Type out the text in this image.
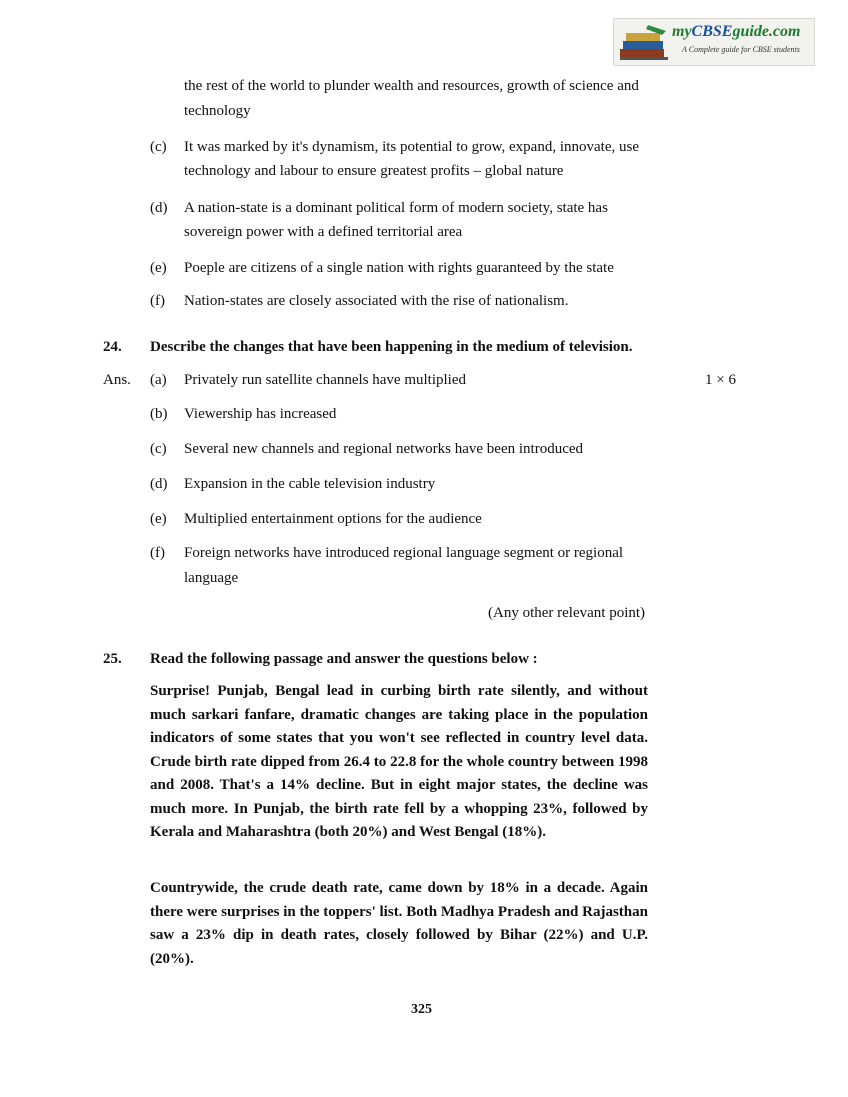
myCBSEguide.com
A Complete guide for CBSE students
the rest of the world to plunder wealth and resources, growth of science and
technology
(c) It was marked by it's dynamism, its potential to grow, expand, innovate, use
technology and labour to ensure greatest profits – global nature
(d) A nation-state is a dominant political form of modern society, state has
sovereign power with a defined territorial area
(e) Poeple are citizens of a single nation with rights guaranteed by the state
(f) Nation-states are closely associated with the rise of nationalism.
24. Describe the changes that have been happening in the medium of television.
Ans. (a) Privately run satellite channels have multiplied	1 × 6
(b) Viewership has increased
(c) Several new channels and regional networks have been introduced
(d) Expansion in the cable television industry
(e) Multiplied entertainment options for the audience
(f) Foreign networks have introduced regional language segment or regional
language
(Any other relevant point)
25. Read the following passage and answer the questions below :
Surprise! Punjab, Bengal lead in curbing birth rate silently, and without much sarkari fanfare, dramatic changes are taking place in the population indicators of some states that you won't see reflected in country level data. Crude birth rate dipped from 26.4 to 22.8 for the whole country between 1998 and 2008. That's a 14% decline. But in eight major states, the decline was much more. In Punjab, the birth rate fell by a whopping 23%, followed by Kerala and Maharashtra (both 20%) and West Bengal (18%).
Countrywide, the crude death rate, came down by 18% in a decade. Again there were surprises in the toppers' list. Both Madhya Pradesh and Rajasthan saw a 23% dip in death rates, closely followed by Bihar (22%) and U.P. (20%).
325
